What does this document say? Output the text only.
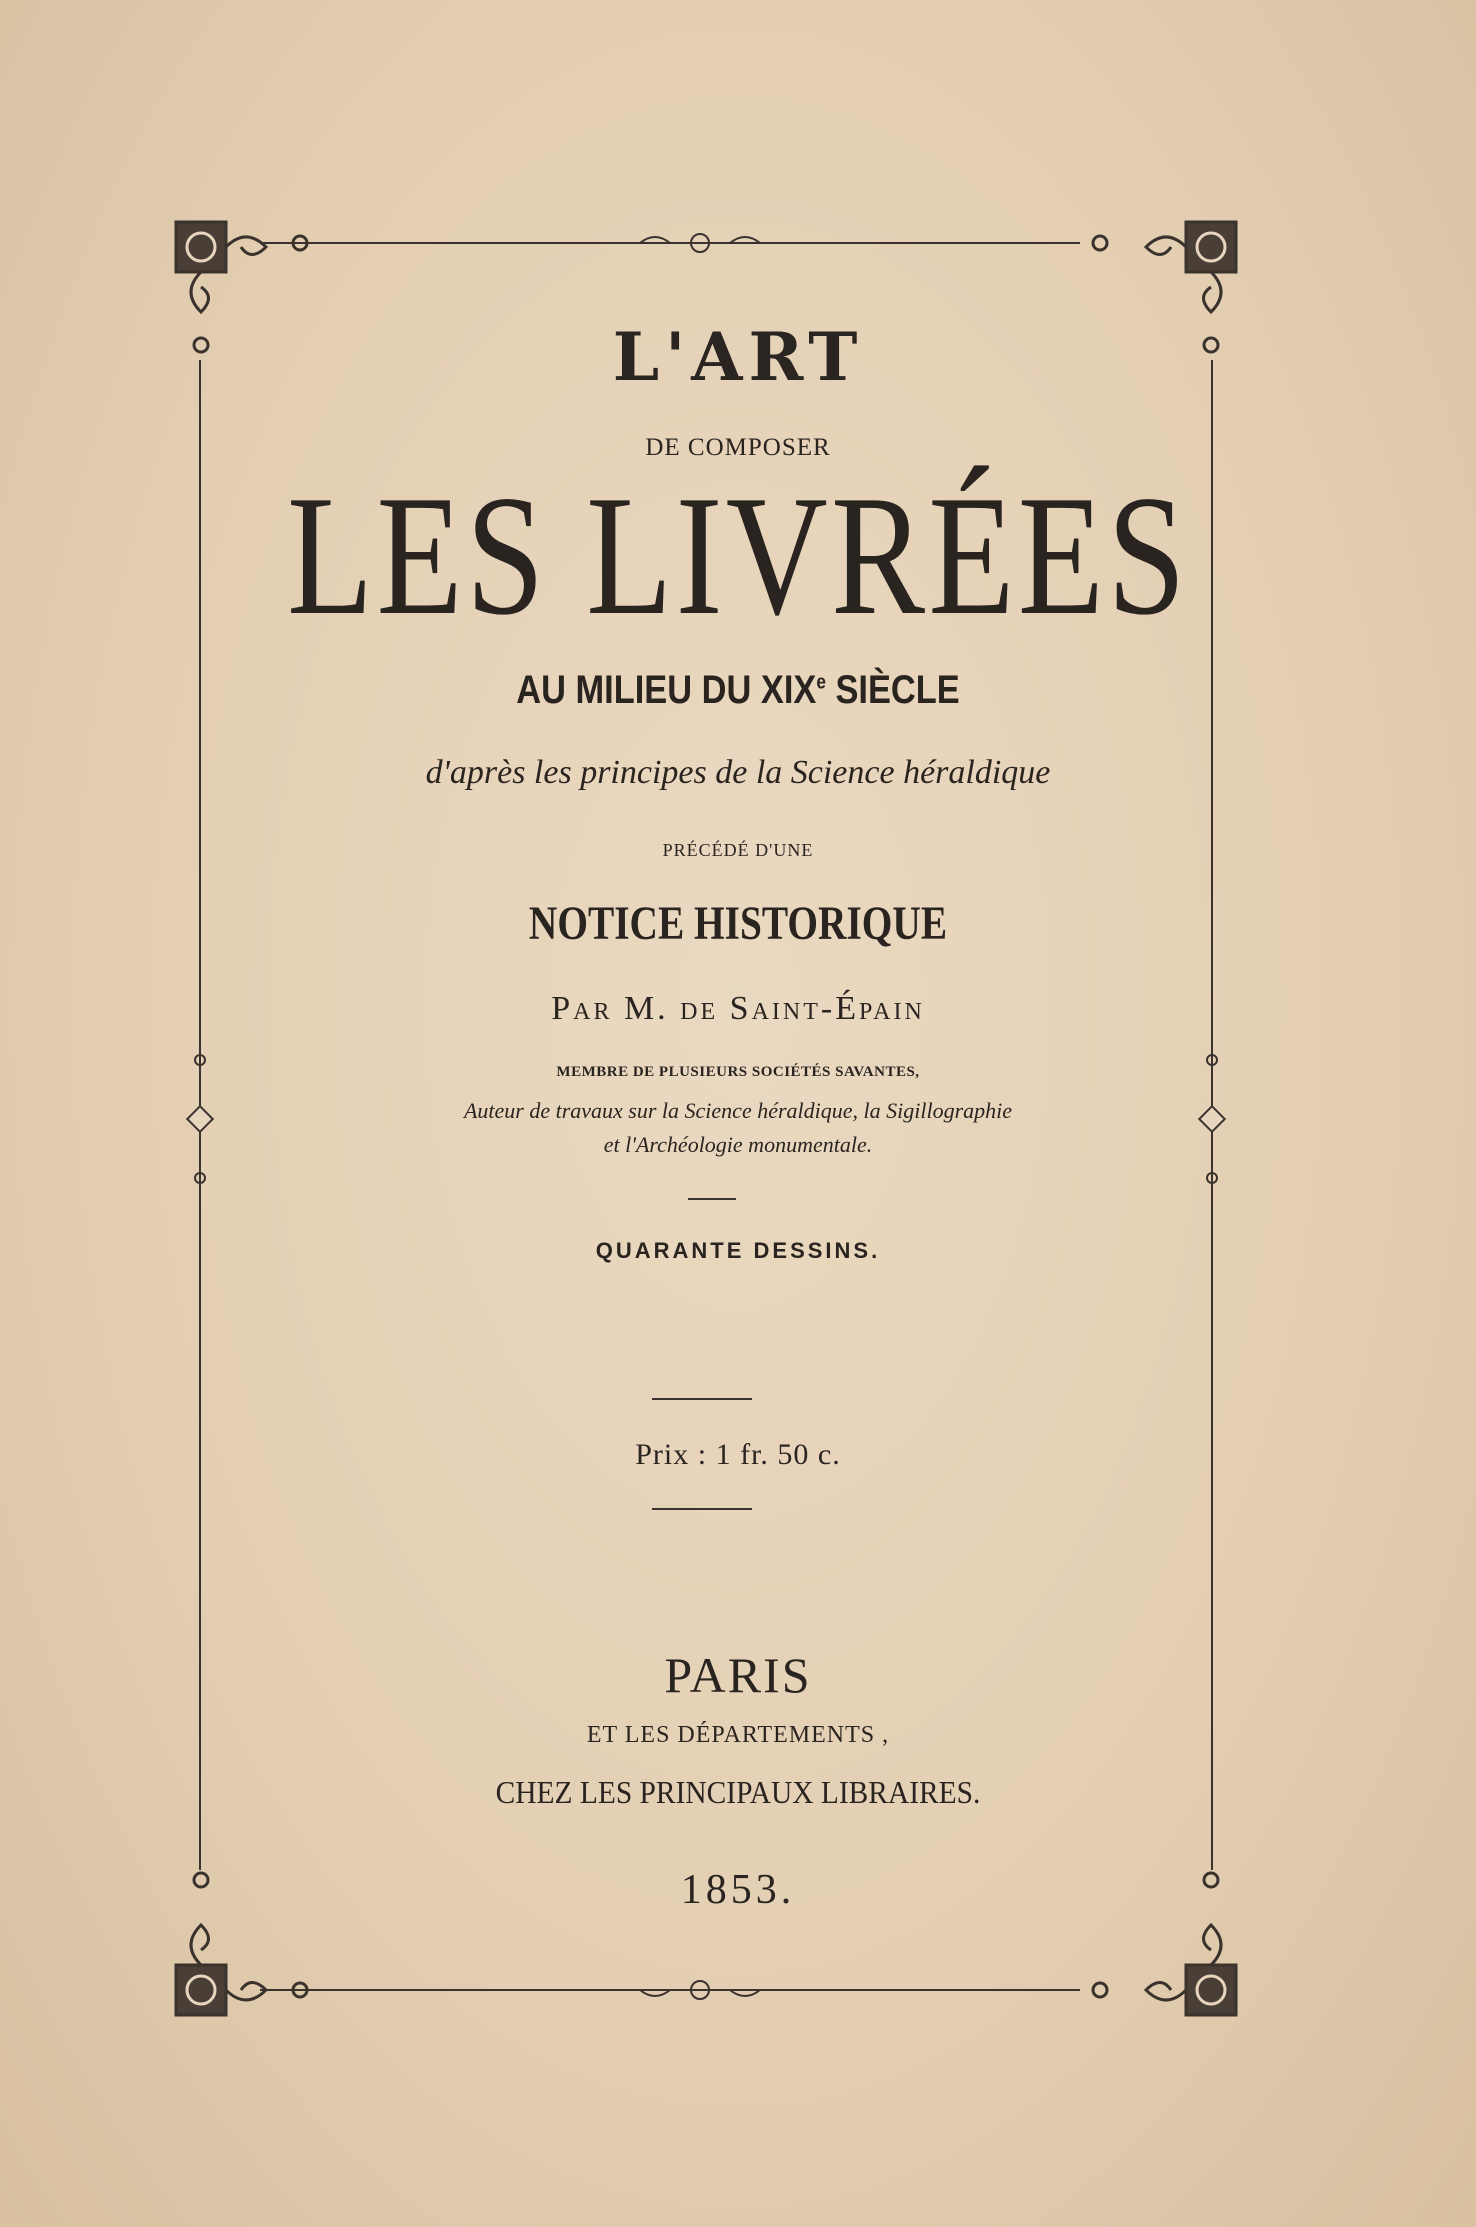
L'ART
DE COMPOSER
LES LIVRÉES
AU MILIEU DU XIXe SIÈCLE
d'après les principes de la Science héraldique
PRÉCÉDÉ D'UNE
NOTICE HISTORIQUE
Par M. de Saint-Épain
MEMBRE DE PLUSIEURS SOCIÉTÉS SAVANTES,
Auteur de travaux sur la Science héraldique, la Sigillographie
et l'Archéologie monumentale.
QUARANTE DESSINS.
Prix : 1 fr. 50 c.
PARIS
ET LES DÉPARTEMENTS ,
CHEZ LES PRINCIPAUX LIBRAIRES.
1853.
